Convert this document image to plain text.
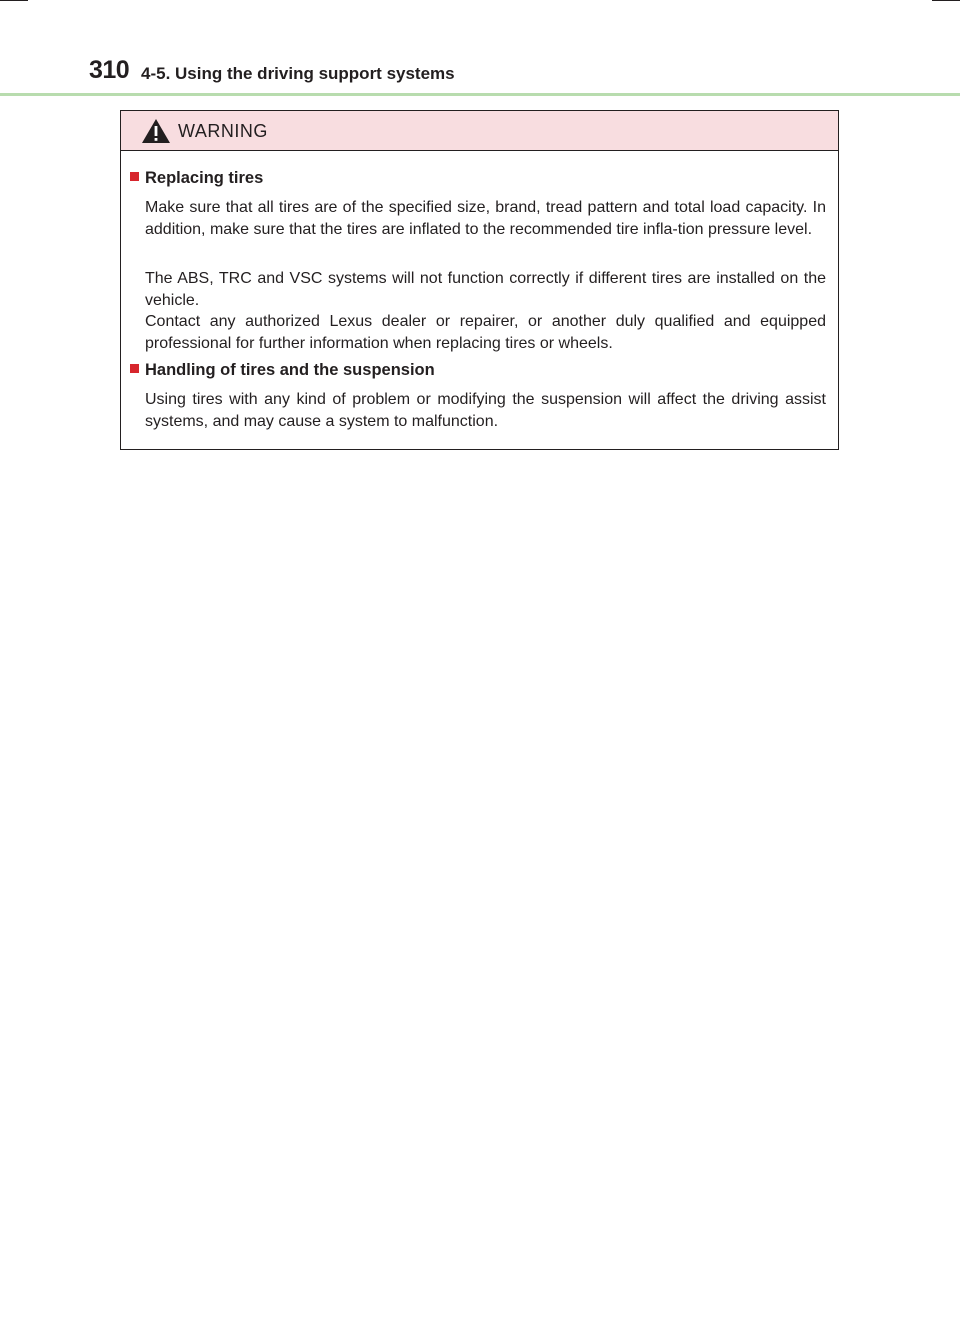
310 4-5. Using the driving support systems
WARNING
Replacing tires
Make sure that all tires are of the specified size, brand, tread pattern and total load capacity. In addition, make sure that the tires are inflated to the recommended tire infla-tion pressure level.
The ABS, TRC and VSC systems will not function correctly if different tires are installed on the vehicle.
Contact any authorized Lexus dealer or repairer, or another duly qualified and equipped professional for further information when replacing tires or wheels.
Handling of tires and the suspension
Using tires with any kind of problem or modifying the suspension will affect the driving assist systems, and may cause a system to malfunction.
